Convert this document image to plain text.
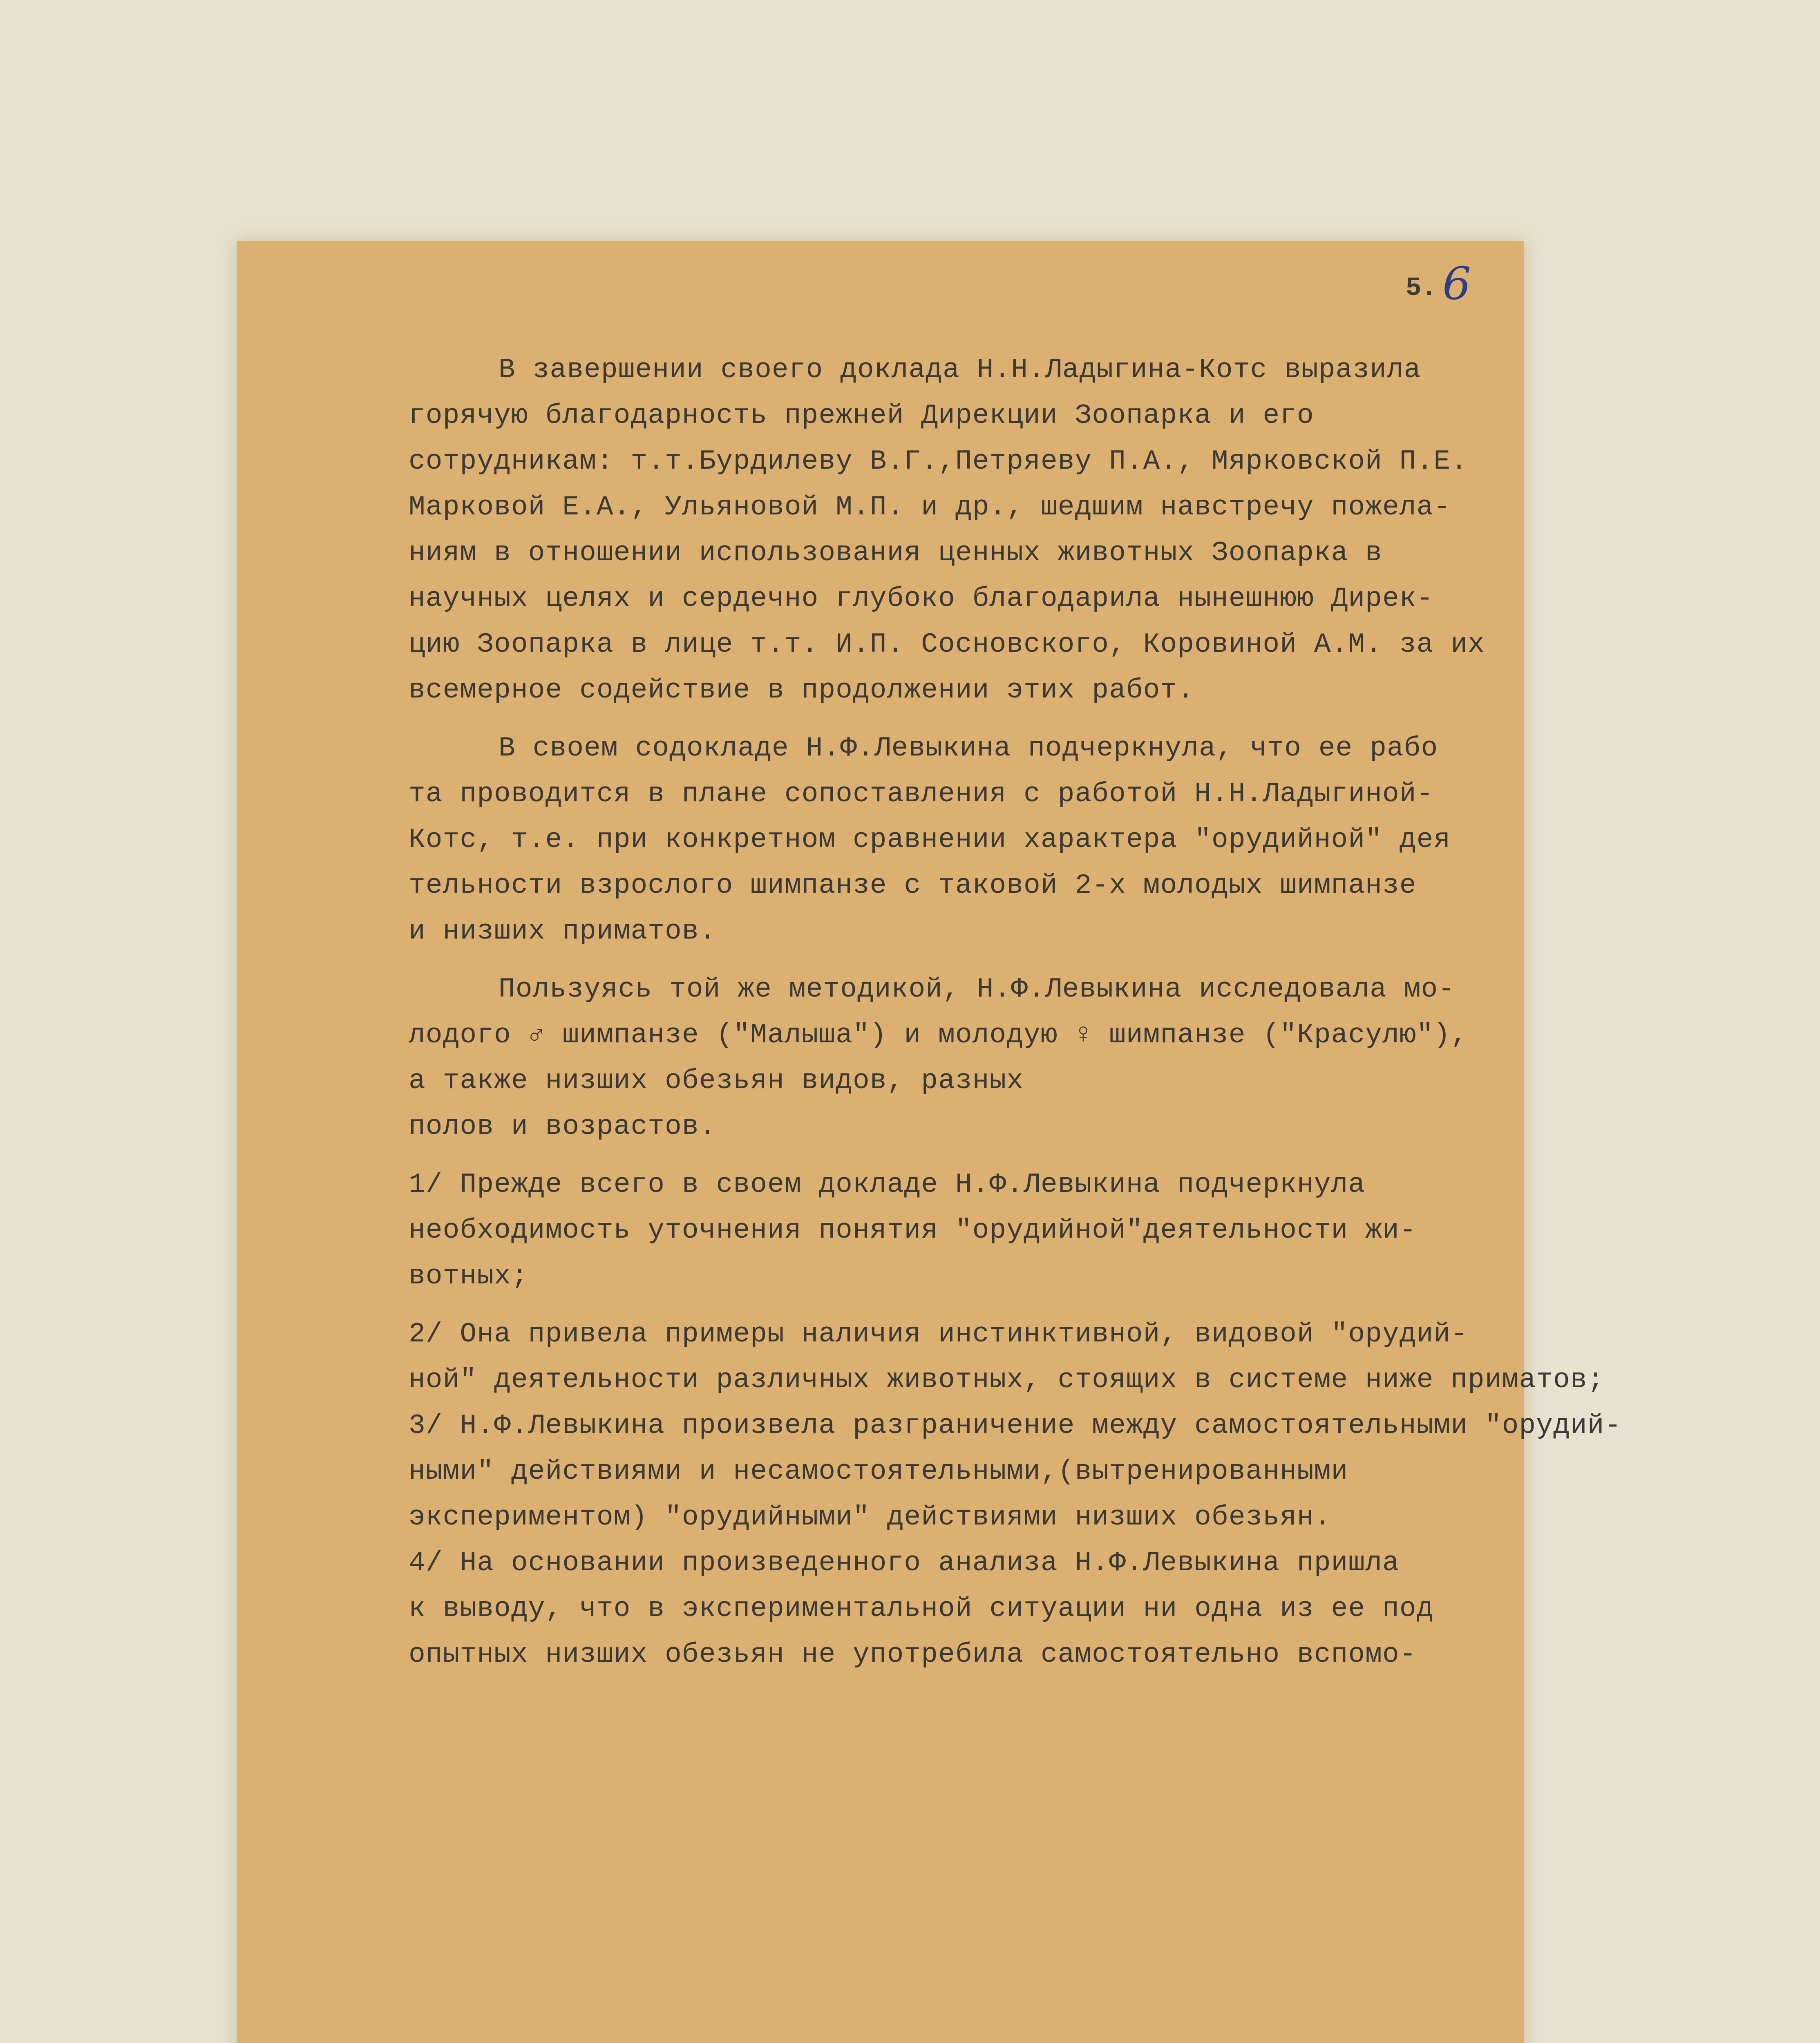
5. 6
В завершении своего доклада Н.Н.Ладыгина-Котс выразила
горячую благодарность прежней Дирекции Зоопарка и его
сотрудникам: т.т.Бурдилеву В.Г.,Петряеву П.А., Мярковской П.Е.
Марковой Е.А., Ульяновой М.П. и др., шедшим навстречу пожела-
ниям в отношении использования ценных животных Зоопарка в
научных целях и сердечно глубоко благодарила нынешнюю Дирек-
цию Зоопарка в лице т.т. И.П. Сосновского, Коровиной А.М. за их
всемерное содействие в продолжении этих работ.
В своем содокладе Н.Ф.Левыкина подчеркнула, что ее рабо
та проводится в плане сопоставления с работой Н.Н.Ладыгиной-
Котс, т.е. при конкретном сравнении характера "орудийной" дея
тельности взрослого шимпанзе с таковой 2-х молодых шимпанзе
и низших приматов.
Пользуясь той же методикой, Н.Ф.Левыкина исследовала мо-
лодого ♂ шимпанзе ("Малыша") и молодую ♀ шимпанзе ("Красулю"),
а также низших обезьян видов, разных
полов и возрастов.
1/ Прежде всего в своем докладе Н.Ф.Левыкина подчеркнула
необходимость уточнения понятия "орудийной"деятельности жи-
вотных;
2/ Она привела примеры наличия инстинктивной, видовой "орудий-
ной" деятельности различных животных, стоящих в системе ниже приматов;
3/ Н.Ф.Левыкина произвела разграничение между самостоятельными "орудий-
ными" действиями и несамостоятельными,(вытренированными
экспериментом) "орудийными" действиями низших обезьян.
4/ На основании произведенного анализа Н.Ф.Левыкина пришла
к выводу, что в экспериментальной ситуации ни одна из ее под
опытных низших обезьян не употребила самостоятельно вспомо-
